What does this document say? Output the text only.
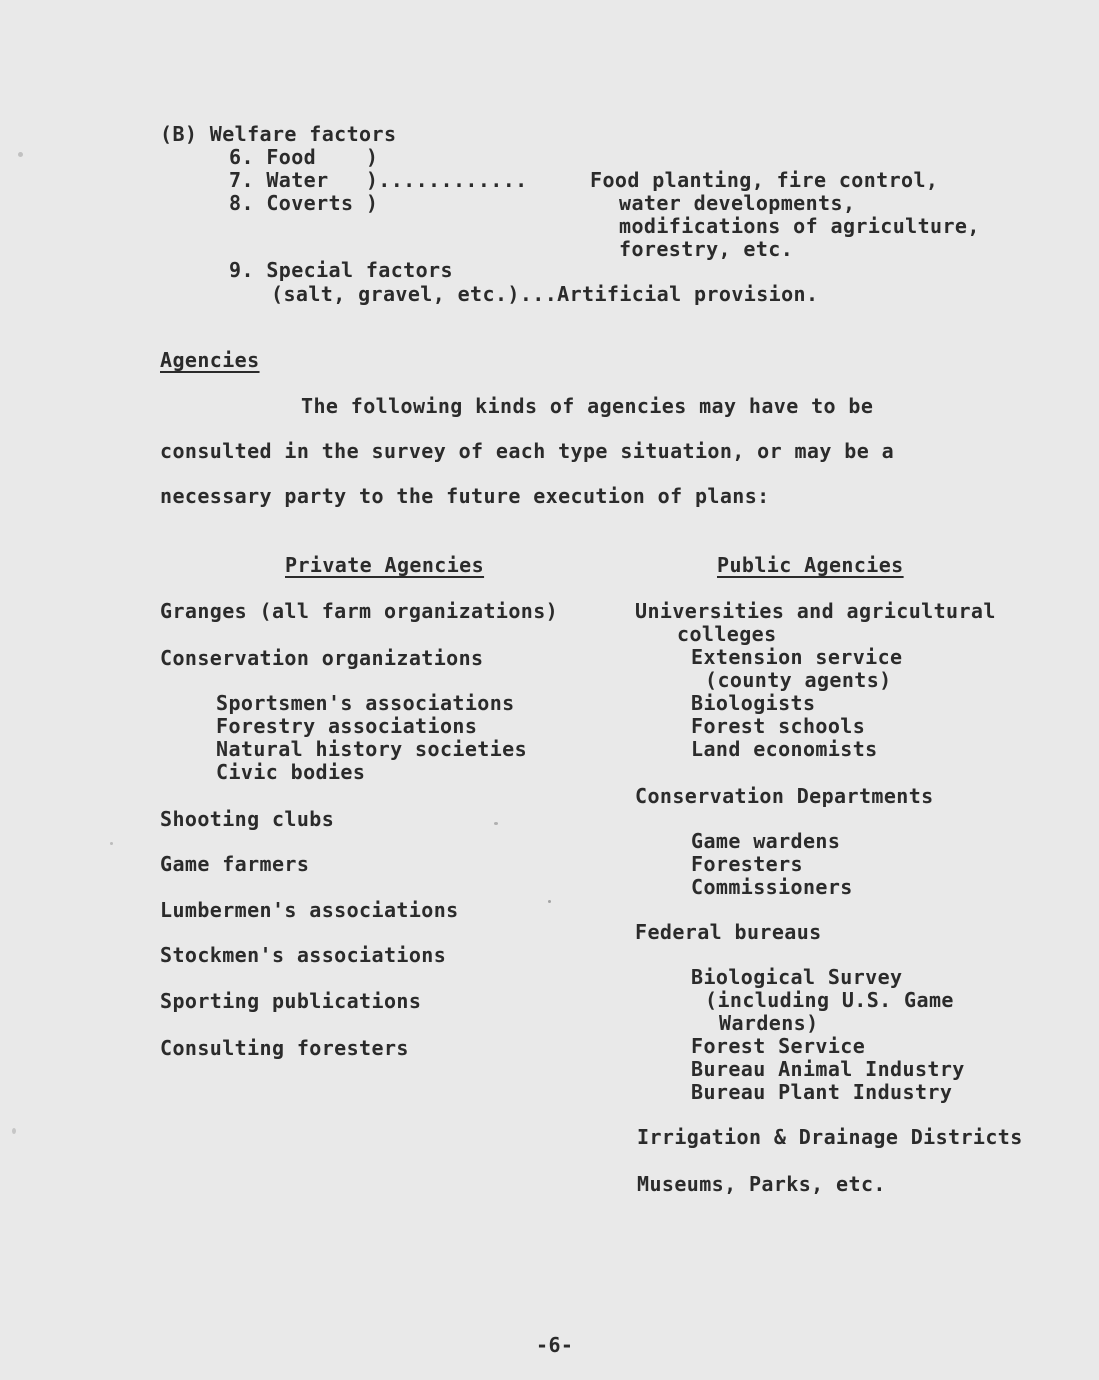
(B) Welfare factors
6. Food    )
7. Water   )............
8. Coverts )
Food planting, fire control,
water developments,
modifications of agriculture,
forestry, etc.
9. Special factors
(salt, gravel, etc.)...Artificial provision.
Agencies
The following kinds of agencies may have to be
consulted in the survey of each type situation, or may be a
necessary party to the future execution of plans:
Private Agencies	Public Agencies
Granges (all farm organizations)
Conservation organizations
Sportsmen's associations
Forestry associations
Natural history societies
Civic bodies
Shooting clubs
Game farmers
Lumbermen's associations
Stockmen's associations
Sporting publications
Consulting foresters
Universities and agricultural
colleges
Extension service
(county agents)
Biologists
Forest schools
Land economists
Conservation Departments
Game wardens
Foresters
Commissioners
Federal bureaus
Biological Survey
(including U.S. Game
Wardens)
Forest Service
Bureau Animal Industry
Bureau Plant Industry
Irrigation & Drainage Districts
Museums, Parks, etc.
-6-
